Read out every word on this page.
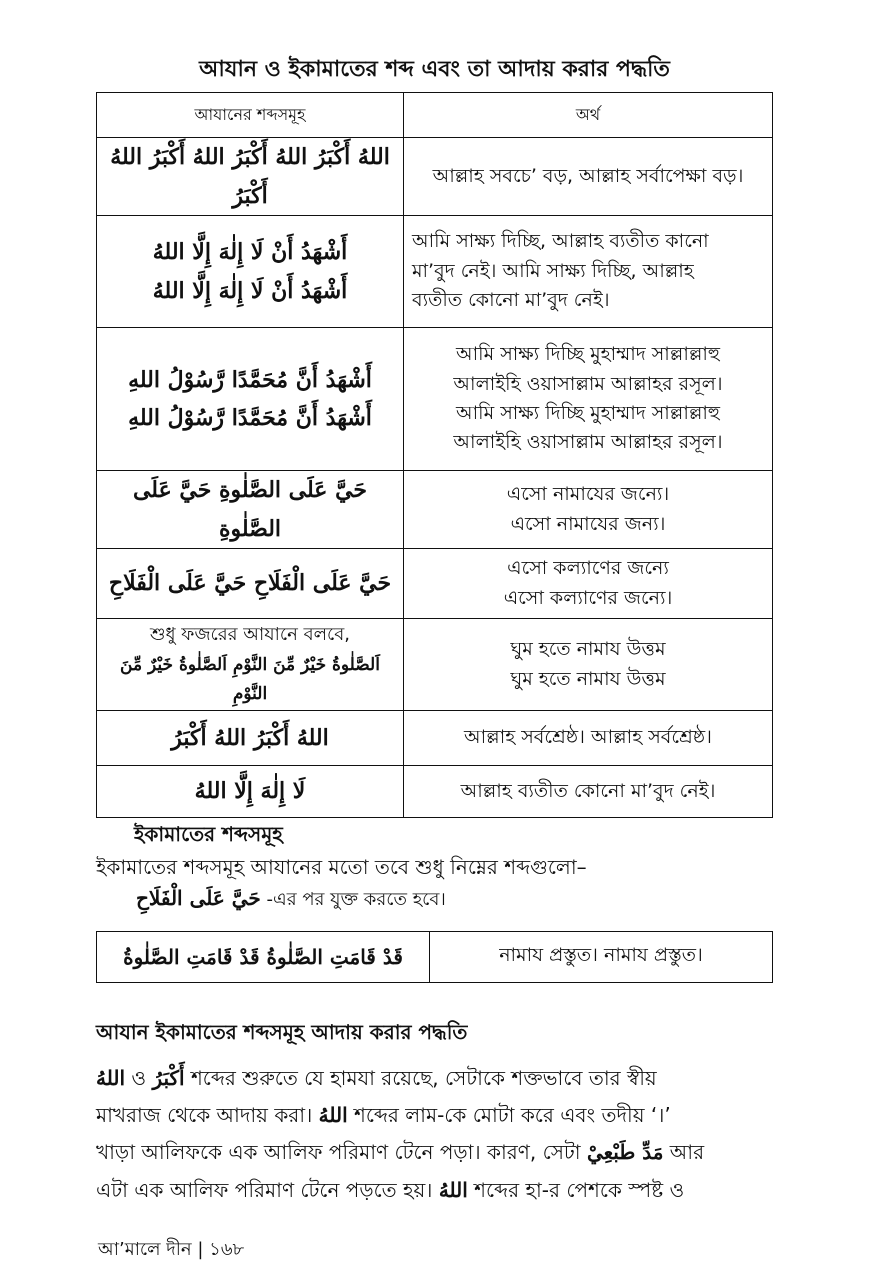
আযান ও ইকামাতের শব্দ এবং তা আদায় করার পদ্ধতি
আযানের শব্দসমূহ	অর্থ

اللهُ أَكْبَرُ اللهُ أَكْبَرُ اللهُ أَكْبَرُ اللهُ أَكْبَرُ	আল্লাহ সবচে’ বড়, আল্লাহ সর্বাপেক্ষা বড়।

أَشْهَدُ أَنْ لَا إِلٰهَ إِلَّا اللهُ
أَشْهَدُ أَنْ لَا إِلٰهَ إِلَّا اللهُ	আমি সাক্ষ্য দিচ্ছি, আল্লাহ ব্যতীত কানো
মা’বুদ নেই। আমি সাক্ষ্য দিচ্ছি, আল্লাহ
ব্যতীত কোনো মা’বুদ নেই।

أَشْهَدُ أَنَّ مُحَمَّدًا رَّسُوْلُ اللهِ
أَشْهَدُ أَنَّ مُحَمَّدًا رَّسُوْلُ اللهِ	আমি সাক্ষ্য দিচ্ছি মুহাম্মাদ সাল্লাল্লাহু
আলাইহি ওয়াসাল্লাম আল্লাহর রসূল।
আমি সাক্ষ্য দিচ্ছি মুহাম্মাদ সাল্লাল্লাহু
আলাইহি ওয়াসাল্লাম আল্লাহর রসূল।

حَيَّ عَلَى الصَّلٰوةِ حَيَّ عَلَى الصَّلٰوةِ	এসো নামাযের জন্যে।
এসো নামাযের জন্য।

حَيَّ عَلَى الْفَلَاحِ حَيَّ عَلَى الْفَلَاحِ	এসো কল্যাণের জন্যে
এসো কল্যাণের জন্যে।

শুধু ফজরের আযানে বলবে,
اَلصَّلٰوةُ خَيْرٌ مِّنَ النَّوْمِ اَلصَّلٰوةُ خَيْرٌ مِّنَ النَّوْمِ	ঘুম হতে নামায উত্তম
ঘুম হতে নামায উত্তম

اللهُ أَكْبَرُ اللهُ أَكْبَرُ	আল্লাহ সর্বশ্রেষ্ঠ। আল্লাহ সর্বশ্রেষ্ঠ।

لَا إِلٰهَ إِلَّا اللهُ	আল্লাহ ব্যতীত কোনো মা’বুদ নেই।
ইকামাতের শব্দসমূহ
ইকামাতের শব্দসমূহ আযানের মতো তবে শুধু নিম্নের শব্দগুলো–
حَيَّ عَلَى الْفَلَاحِ -এর পর যুক্ত করতে হবে।
قَدْ قَامَتِ الصَّلٰوةُ قَدْ قَامَتِ الصَّلٰوةُ	নামায প্রস্তুত। নামায প্রস্তুত।
আযান ইকামাতের শব্দসমূহ আদায় করার পদ্ধতি
اللهُ ও أَكْبَرُ শব্দের শুরুতে যে হামযা রয়েছে, সেটাকে শক্তভাবে তার স্বীয়
মাখরাজ থেকে আদায় করা। اللهُ শব্দের লাম-কে মোটা করে এবং তদীয় ‘।’
খাড়া আলিফকে এক আলিফ পরিমাণ টেনে পড়া। কারণ, সেটা مَدِّ طَبْعِيْ আর
এটা এক আলিফ পরিমাণ টেনে পড়তে হয়। اللهُ শব্দের হা-র পেশকে স্পষ্ট ও
আ’মালে দীন | ১৬৮
